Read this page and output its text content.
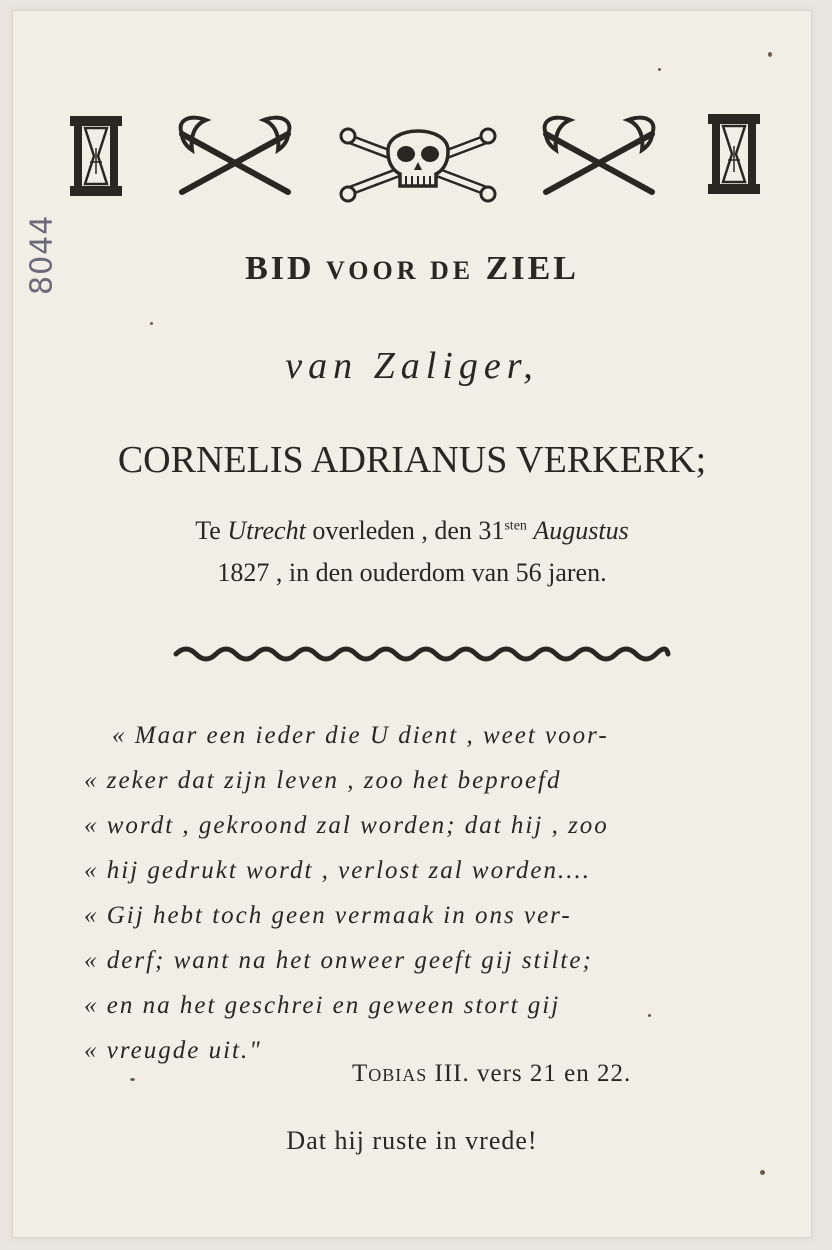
8044	BID VOOR DE ZIEL
van Zaliger,
CORNELIS ADRIANUS VERKERK;
Te Utrecht overleden , den $31^{sten}$ Augustus
1827 , in den ouderdom van 56 jaren.
« Maar een ieder die U dient , weet voor-
« zeker dat zijn leven , zoo het beproefd
« wordt , gekroond zal worden; dat hij , zoo
« hij gedrukt wordt , verlost zal worden....
« Gij hebt toch geen vermaak in ons ver-
« derf; want na het onweer geeft gij stilte;
« en na het geschrei en geween stort gij
« vreugde uit."
Tobias III. vers 21 en 22.
Dat hij ruste in vrede!
